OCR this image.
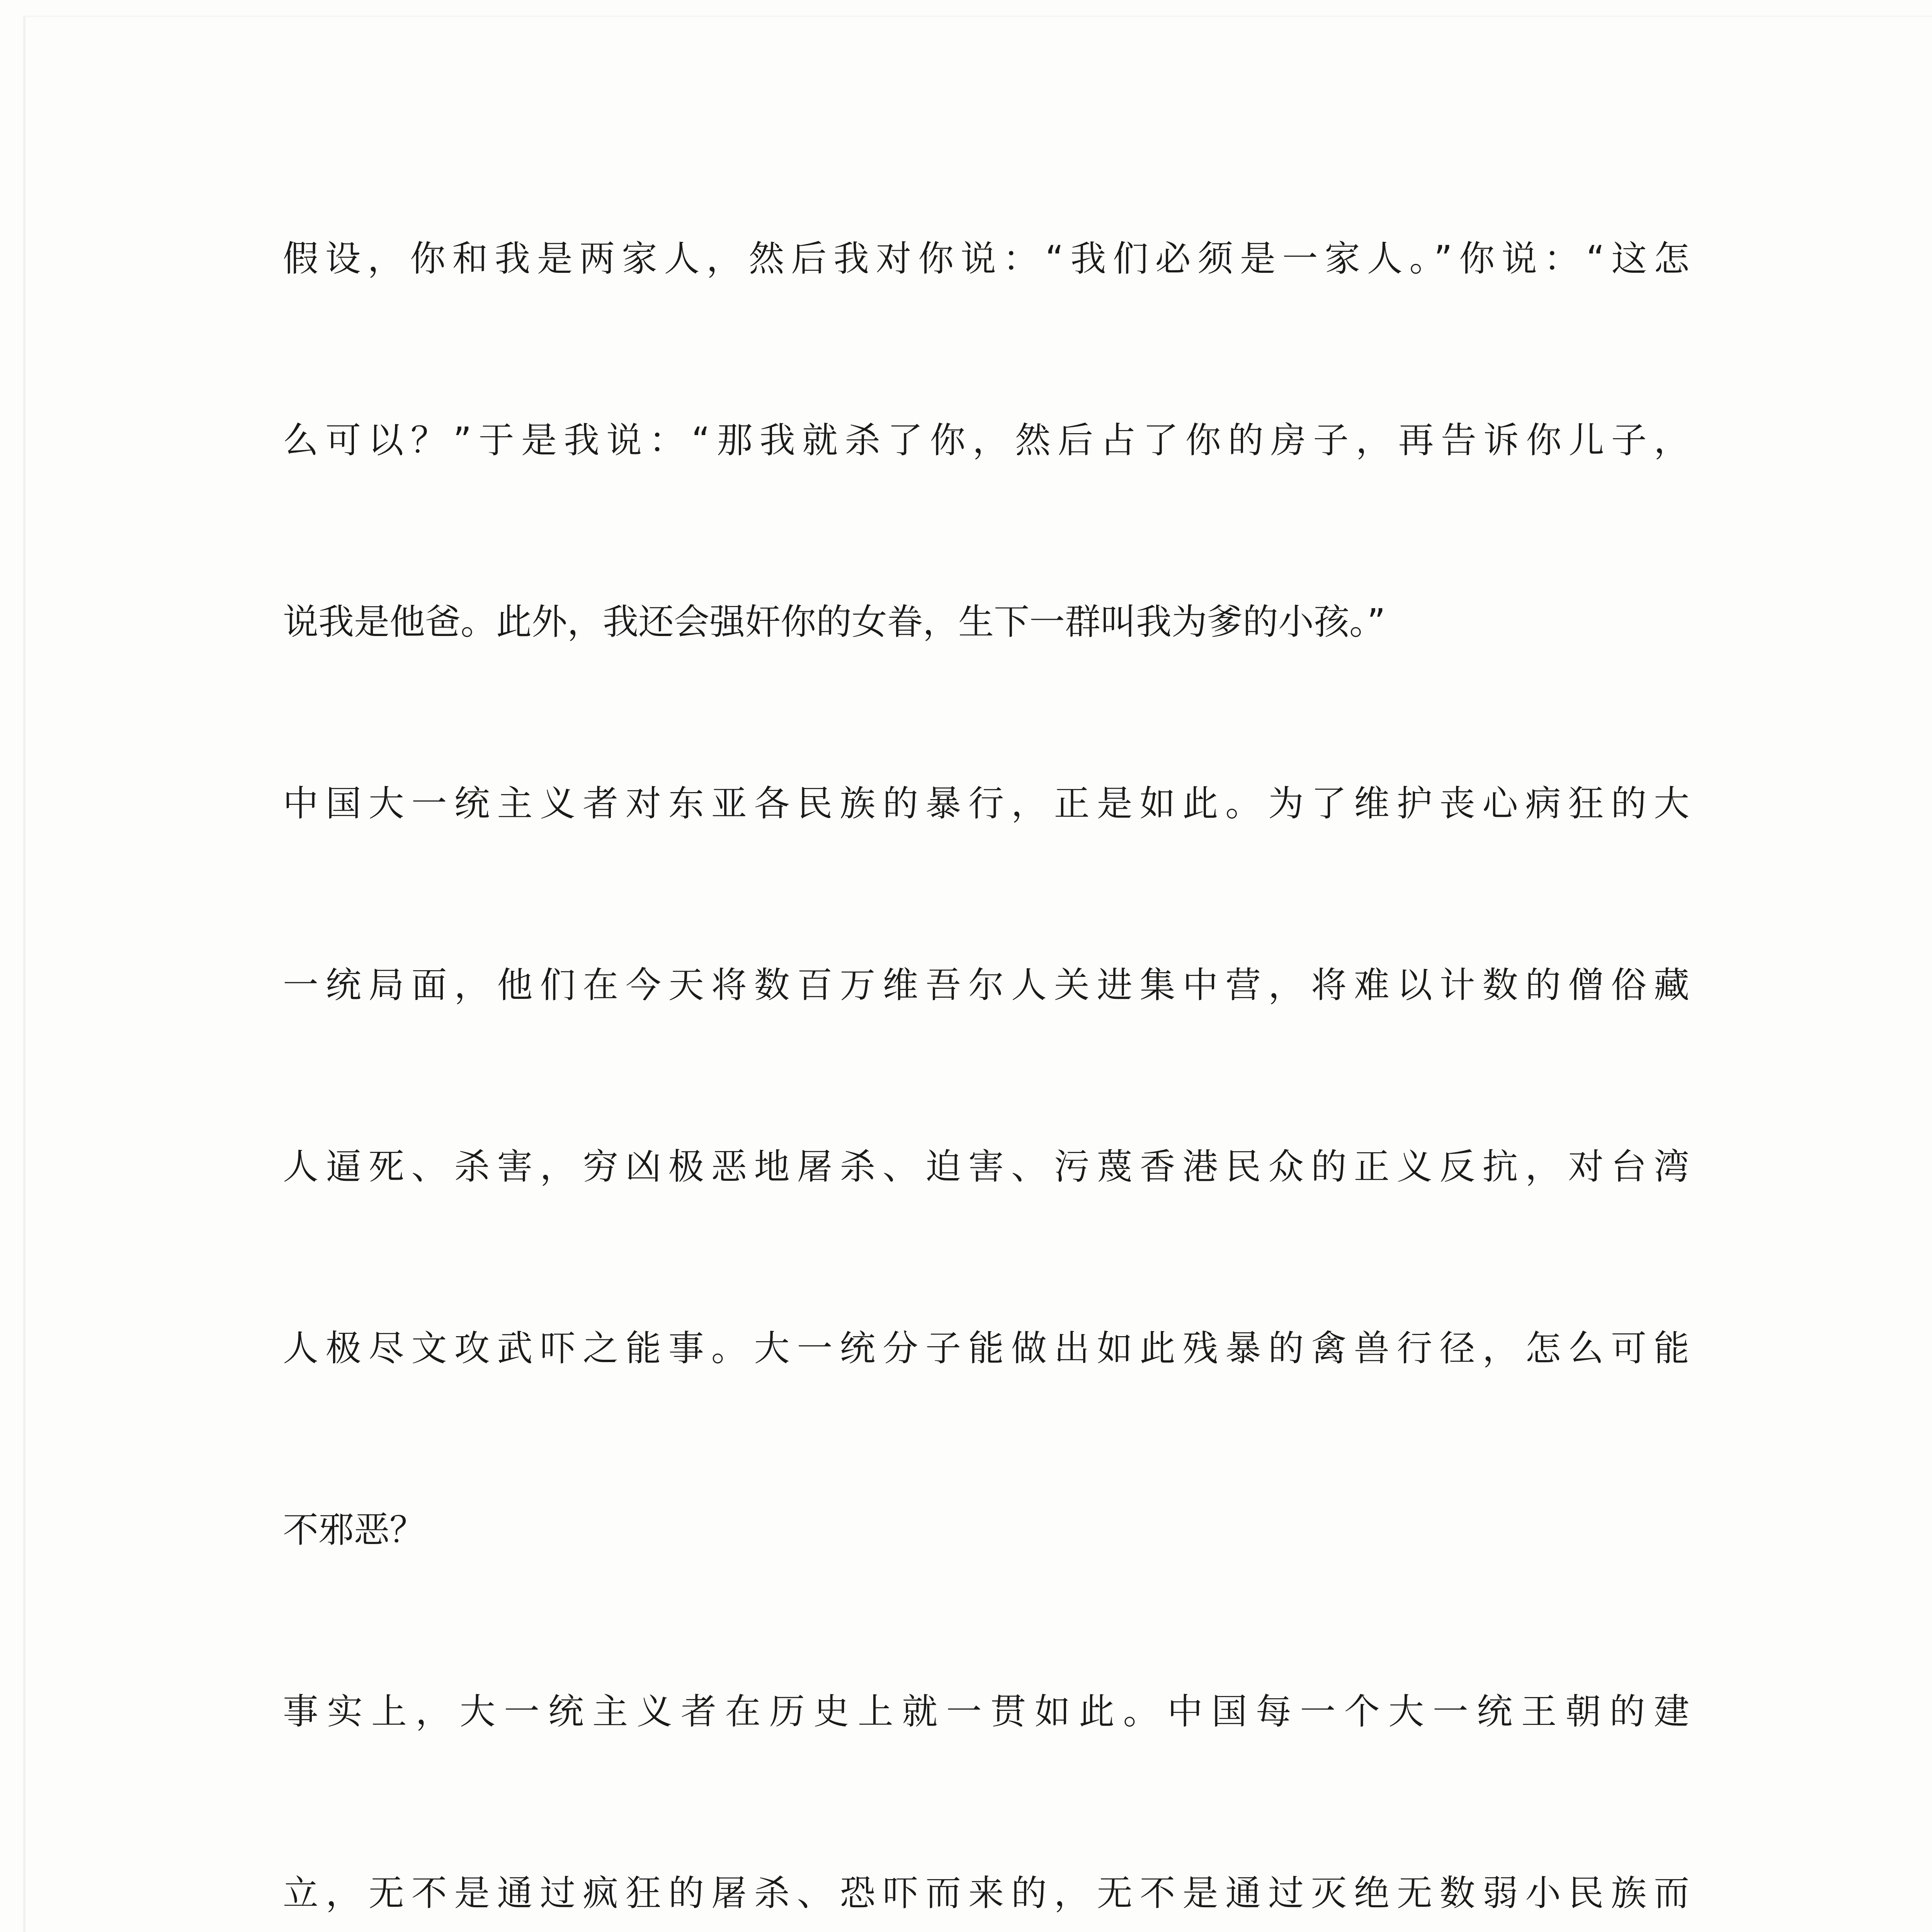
假设，你和我是两家人，然后我对你说：“我们必须是一家人。”你说：“这怎
么可以？”于是我说：“那我就杀了你，然后占了你的房子，再告诉你儿子，
说我是他爸。此外，我还会强奸你的女眷，生下一群叫我为爹的小孩。”
中国大一统主义者对东亚各民族的暴行，正是如此。为了维护丧心病狂的大
一统局面，他们在今天将数百万维吾尔人关进集中营，将难以计数的僧俗藏
人逼死、杀害，穷凶极恶地屠杀、迫害、污蔑香港民众的正义反抗，对台湾
人极尽文攻武吓之能事。大一统分子能做出如此残暴的禽兽行径，怎么可能
不邪恶？
事实上，大一统主义者在历史上就一贯如此。中国每一个大一统王朝的建
立，无不是通过疯狂的屠杀、恐吓而来的，无不是通过灭绝无数弱小民族而
